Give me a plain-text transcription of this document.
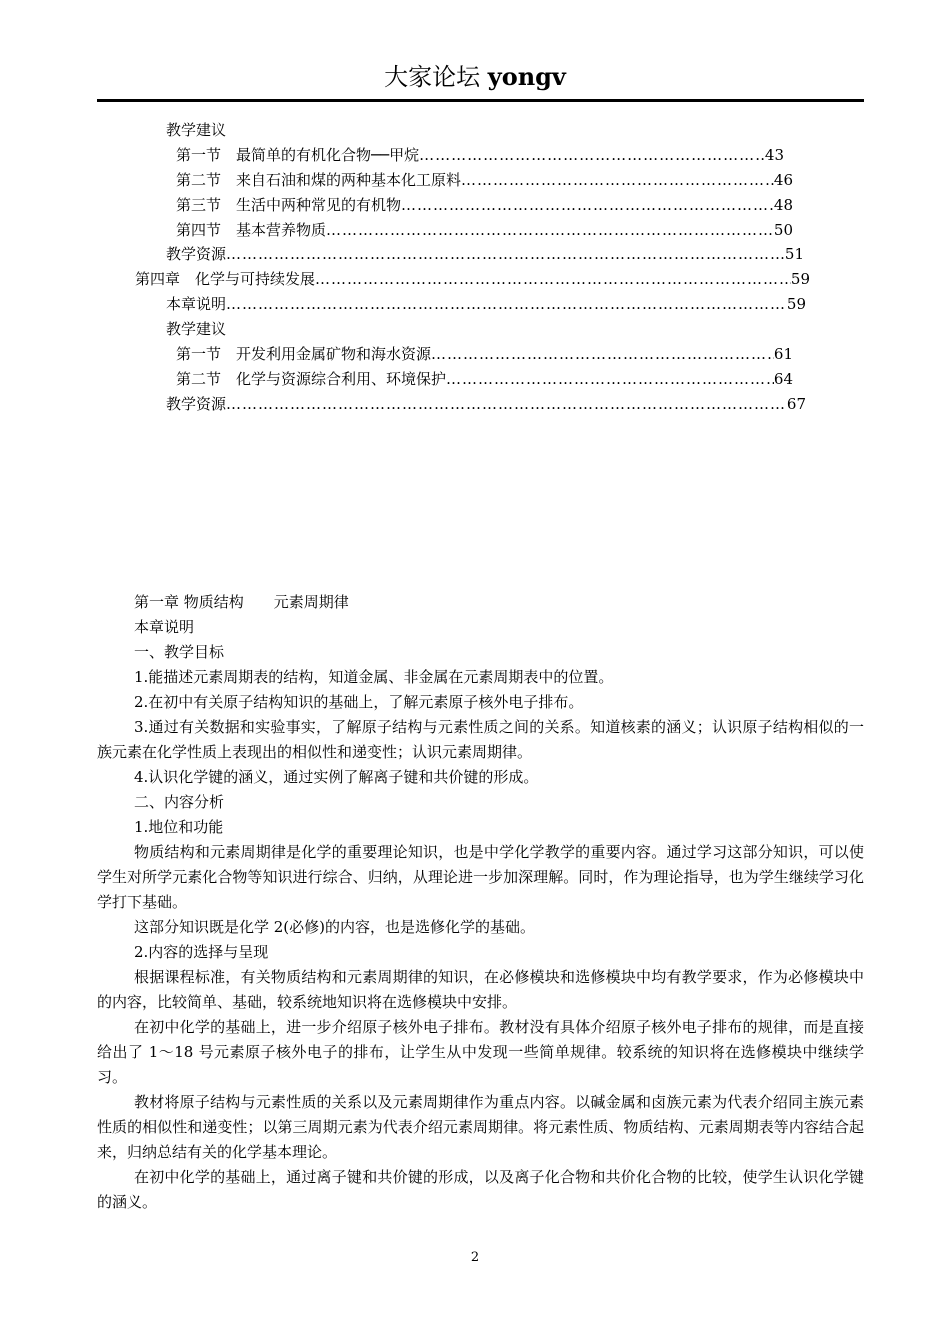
大家论坛 yongv
教学建议
第一节　最简单的有机化合物──甲烷 ………………………………………………………………………………………………………………………………………………………………………………	43
第二节　来自石油和煤的两种基本化工原料 ………………………………………………………………………………………………………………………………………………………………………………	46
第三节　生活中两种常见的有机物 ………………………………………………………………………………………………………………………………………………………………………………	48
第四节　基本营养物质 ………………………………………………………………………………………………………………………………………………………………………………	50
教学资源 ………………………………………………………………………………………………………………………………………………………………………………	51
第四章　化学与可持续发展 ………………………………………………………………………………………………………………………………………………………………………………	59
本章说明 ………………………………………………………………………………………………………………………………………………………………………………	59
教学建议
第一节　开发利用金属矿物和海水资源 ………………………………………………………………………………………………………………………………………………………………………………	61
第二节　化学与资源综合利用、环境保护 ………………………………………………………………………………………………………………………………………………………………………………	64
教学资源 ………………………………………………………………………………………………………………………………………………………………………………	67

第一章 物质结构　　元素周期律

本章说明

一、教学目标

1.能描述元素周期表的结构，知道金属、非金属在元素周期表中的位置。

2.在初中有关原子结构知识的基础上，了解元素原子核外电子排布。

3.通过有关数据和实验事实，了解原子结构与元素性质之间的关系。知道核素的涵义；认识原子结构相似的一族元素在化学性质上表现出的相似性和递变性；认识元素周期律。

4.认识化学键的涵义，通过实例了解离子键和共价键的形成。

二、内容分析

1.地位和功能

物质结构和元素周期律是化学的重要理论知识，也是中学化学教学的重要内容。通过学习这部分知识，可以使学生对所学元素化合物等知识进行综合、归纳，从理论进一步加深理解。同时，作为理论指导，也为学生继续学习化学打下基础。

这部分知识既是化学 2(必修)的内容，也是选修化学的基础。

2.内容的选择与呈现

根据课程标准，有关物质结构和元素周期律的知识，在必修模块和选修模块中均有教学要求，作为必修模块中的内容，比较简单、基础，较系统地知识将在选修模块中安排。

在初中化学的基础上，进一步介绍原子核外电子排布。教材没有具体介绍原子核外电子排布的规律，而是直接给出了 1～18 号元素原子核外电子的排布，让学生从中发现一些简单规律。较系统的知识将在选修模块中继续学习。

教材将原子结构与元素性质的关系以及元素周期律作为重点内容。以碱金属和卤族元素为代表介绍同主族元素性质的相似性和递变性；以第三周期元素为代表介绍元素周期律。将元素性质、物质结构、元素周期表等内容结合起来，归纳总结有关的化学基本理论。

在初中化学的基础上，通过离子键和共价键的形成，以及离子化合物和共价化合物的比较，使学生认识化学键的涵义。

2
